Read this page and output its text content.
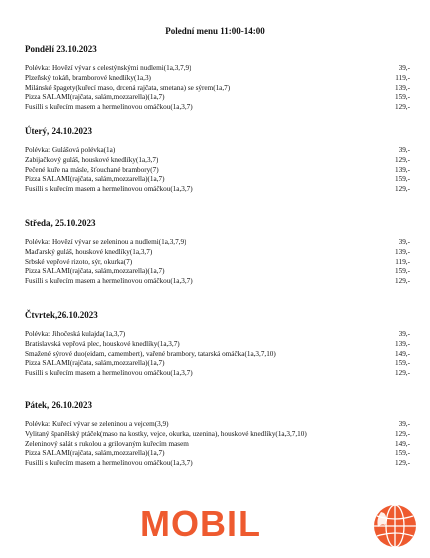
Polední menu 11:00-14:00
Pondělí 23.10.2023
Polévka: Hovězí vývar s celestýnskými nudlemi(1a,3,7,9)	39,-
Plzeňský tokáň, bramborové knedlíky(1a,3)	119,-
Milánské špagety(kuřecí maso, drcená rajčata, smetana) se sýrem(1a,7)	139,-
Pizza SALAMI(rajčata, salám,mozzarella)(1a,7)	159,-
Fusilli s kuřecím masem a hermelínovou omáčkou(1a,3,7)	129,-
Úterý, 24.10.2023
Polévka: Gulášová polévka(1a)	39,-
Zabijačkový guláš, houskové knedlíky(1a,3,7)	129,-
Pečené kuře na másle, šťouchané brambory(7)	139,-
Pizza SALAMI(rajčata, salám,mozzarella)(1a,7)	159,-
Fusilli s kuřecím masem a hermelínovou omáčkou(1a,3,7)	129,-
Středa, 25.10.2023
Polévka: Hovězí vývar se zeleninou a nudlemi(1a,3,7,9)	39,-
Maďarský guláš, houskové knedlíky(1a,3,7)	139,-
Srbské vepřové rizoto, sýr, okurka(7)	119,-
Pizza SALAMI(rajčata, salám,mozzarella)(1a,7)	159,-
Fusilli s kuřecím masem a hermelínovou omáčkou(1a,3,7)	129,-
Čtvrtek,26.10.2023
Polévka: Jihočeská kulajda(1a,3,7)	39,-
Bratislavská vepřová plec, houskové knedlíky(1a,3,7)	139,-
Smažené sýrové duo(eidam, camembert), vařené brambory, tatarská omáčka(1a,3,7,10)	149,-
Pizza SALAMI(rajčata, salám,mozzarella)(1a,7)	159,-
Fusilli s kuřecím masem a hermelínovou omáčkou(1a,3,7)	129,-
Pátek, 26.10.2023
Polévka: Kuřecí vývar se zeleninou a vejcem(3,9)	39,-
Vylitaný španělský ptáček(maso na kostky, vejce, okurka, uzenina), houskové knedlíky(1a,3,7,10)	129,-
Zeleninový salát s rukolou a grilovaným kuřecím masem	149,-
Pizza SALAMI(rajčata, salám,mozzarella)(1a,7)	159,-
Fusilli s kuřecím masem a hermelínovou omáčkou(1a,3,7)	129,-
MOBIL
